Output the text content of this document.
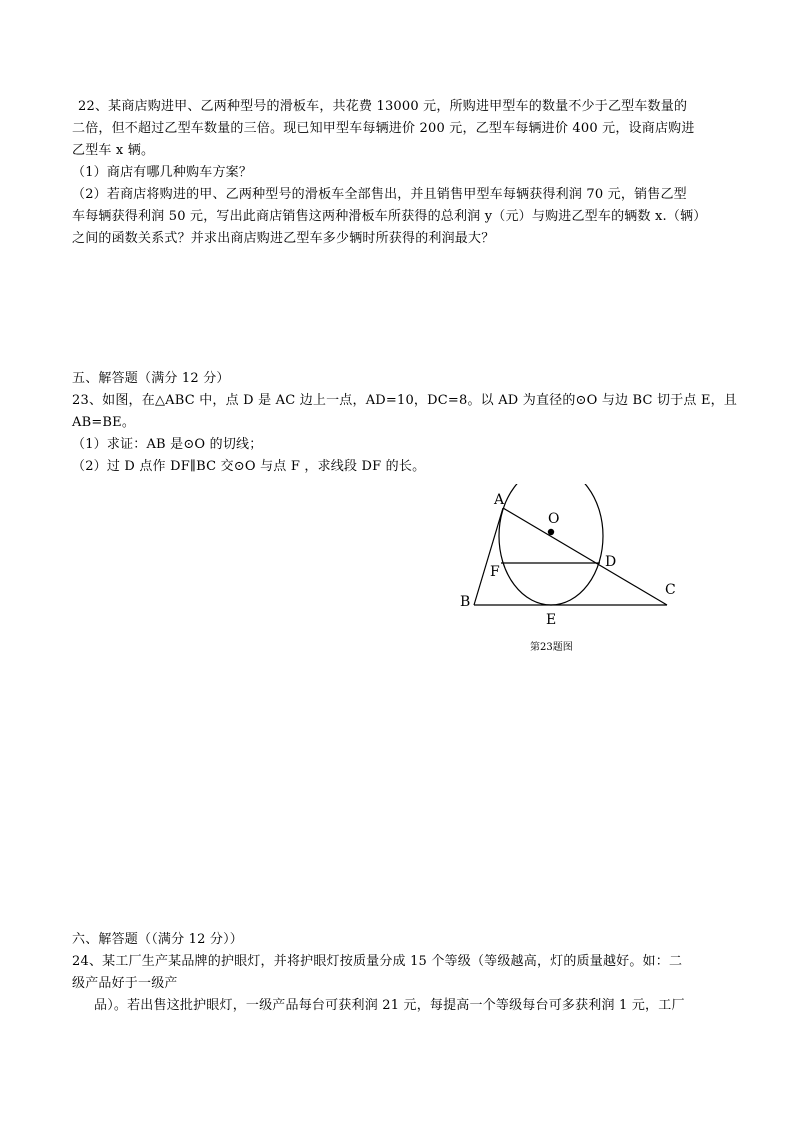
22、某商店购进甲、乙两种型号的滑板车，共花费 13000 元，所购进甲型车的数量不少于乙型车数量的
二倍，但不超过乙型车数量的三倍。现已知甲型车每辆进价 200 元，乙型车每辆进价 400 元，设商店购进
乙型车 x 辆。
（1）商店有哪几种购车方案？
（2）若商店将购进的甲、乙两种型号的滑板车全部售出，并且销售甲型车每辆获得利润 70 元，销售乙型
车每辆获得利润 50 元，写出此商店销售这两种滑板车所获得的总利润 y（元）与购进乙型车的辆数 x.（辆）
之间的函数关系式？并求出商店购进乙型车多少辆时所获得的利润最大？
五、解答题（满分 12 分）
23、如图，在△ABC 中，点 D 是 AC 边上一点，AD=10，DC=8。以 AD 为直径的⊙O 与边 BC 切于点 E，且
AB=BE。
（1）求证：AB 是⊙O 的切线；
（2）过 D 点作 DF∥BC 交⊙O 与点 F ，求线段 DF 的长。
A
O
D
F
B
C
E
第23题图
六、解答题（（满分 12 分））
24、某工厂生产某品牌的护眼灯，并将护眼灯按质量分成 15 个等级（等级越高，灯的质量越好。如：二
级产品好于一级产
品）。若出售这批护眼灯，一级产品每台可获利润 21 元，每提高一个等级每台可多获利润 1 元，工厂
